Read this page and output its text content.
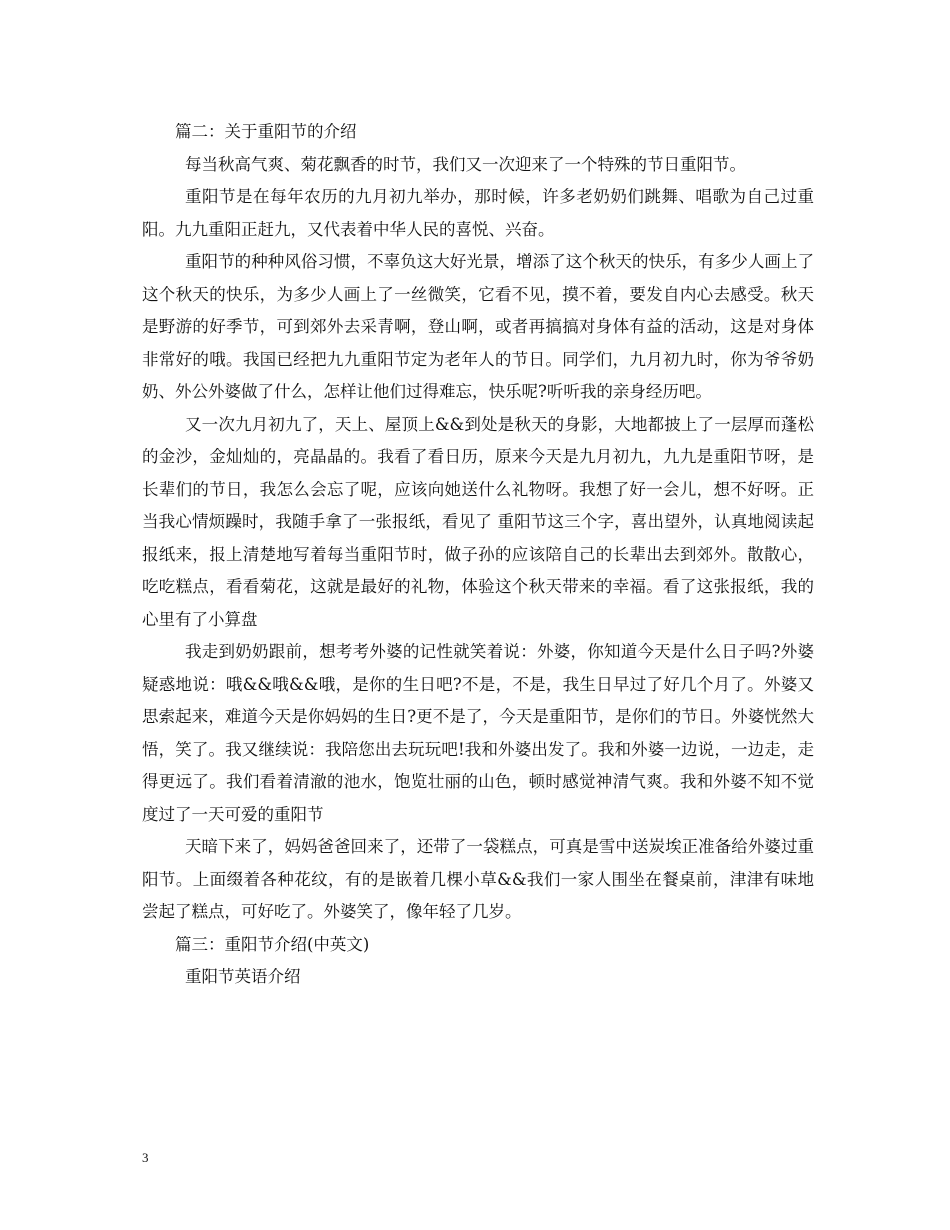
篇二：关于重阳节的介绍

每当秋高气爽、菊花飘香的时节，我们又一次迎来了一个特殊的节日重阳节。

重阳节是在每年农历的九月初九举办，那时候，许多老奶奶们跳舞、唱歌为自己过重阳。九九重阳正赶九，又代表着中华人民的喜悦、兴奋。

重阳节的种种风俗习惯，不辜负这大好光景，增添了这个秋天的快乐，有多少人画上了这个秋天的快乐，为多少人画上了一丝微笑，它看不见，摸不着，要发自内心去感受。秋天是野游的好季节，可到郊外去采青啊，登山啊，或者再搞搞对身体有益的活动，这是对身体非常好的哦。我国已经把九九重阳节定为老年人的节日。同学们，九月初九时，你为爷爷奶奶、外公外婆做了什么，怎样让他们过得难忘，快乐呢?听听我的亲身经历吧。

又一次九月初九了，天上、屋顶上&&到处是秋天的身影，大地都披上了一层厚而蓬松的金沙，金灿灿的，亮晶晶的。我看了看日历，原来今天是九月初九，九九是重阳节呀，是长辈们的节日，我怎么会忘了呢，应该向她送什么礼物呀。我想了好一会儿，想不好呀。正当我心情烦躁时，我随手拿了一张报纸，看见了 重阳节这三个字，喜出望外，认真地阅读起报纸来，报上清楚地写着每当重阳节时，做子孙的应该陪自己的长辈出去到郊外。散散心，吃吃糕点，看看菊花，这就是最好的礼物，体验这个秋天带来的幸福。看了这张报纸，我的心里有了小算盘

我走到奶奶跟前，想考考外婆的记性就笑着说：外婆，你知道今天是什么日子吗?外婆疑惑地说：哦&&哦&&哦，是你的生日吧?不是，不是，我生日早过了好几个月了。外婆又思索起来，难道今天是你妈妈的生日?更不是了，今天是重阳节，是你们的节日。外婆恍然大悟，笑了。我又继续说：我陪您出去玩玩吧!我和外婆出发了。我和外婆一边说，一边走，走得更远了。我们看着清澈的池水，饱览壮丽的山色，顿时感觉神清气爽。我和外婆不知不觉度过了一天可爱的重阳节

天暗下来了，妈妈爸爸回来了，还带了一袋糕点，可真是雪中送炭埃正准备给外婆过重阳节。上面缀着各种花纹，有的是嵌着几棵小草&&我们一家人围坐在餐桌前，津津有味地尝起了糕点，可好吃了。外婆笑了，像年轻了几岁。

篇三：重阳节介绍(中英文)

重阳节英语介绍

3
